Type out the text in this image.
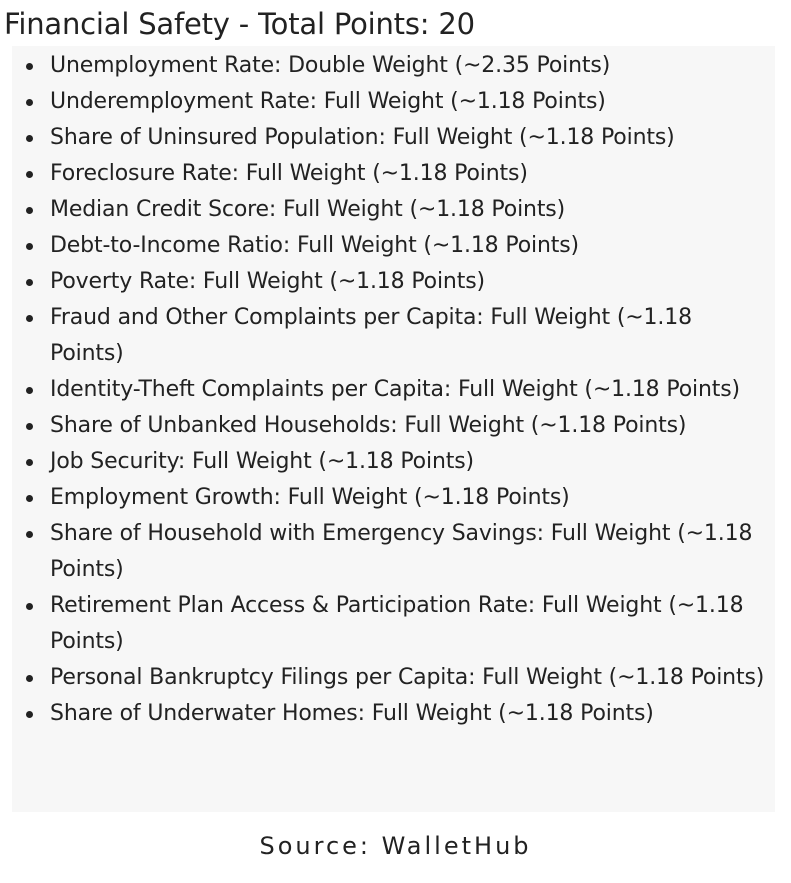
Financial Safety - Total Points: 20
Unemployment Rate: Double Weight (~2.35 Points)
Underemployment Rate: Full Weight (~1.18 Points)
Share of Uninsured Population: Full Weight (~1.18 Points)
Foreclosure Rate: Full Weight (~1.18 Points)
Median Credit Score: Full Weight (~1.18 Points)
Debt-to-Income Ratio: Full Weight (~1.18 Points)
Poverty Rate: Full Weight (~1.18 Points)
Fraud and Other Complaints per Capita: Full Weight (~1.18 Points)
Identity-Theft Complaints per Capita: Full Weight (~1.18 Points)
Share of Unbanked Households: Full Weight (~1.18 Points)
Job Security: Full Weight (~1.18 Points)
Employment Growth: Full Weight (~1.18 Points)
Share of Household with Emergency Savings: Full Weight (~1.18 Points)
Retirement Plan Access & Participation Rate: Full Weight (~1.18 Points)
Personal Bankruptcy Filings per Capita: Full Weight (~1.18 Points)
Share of Underwater Homes: Full Weight (~1.18 Points)
Source: WalletHub
